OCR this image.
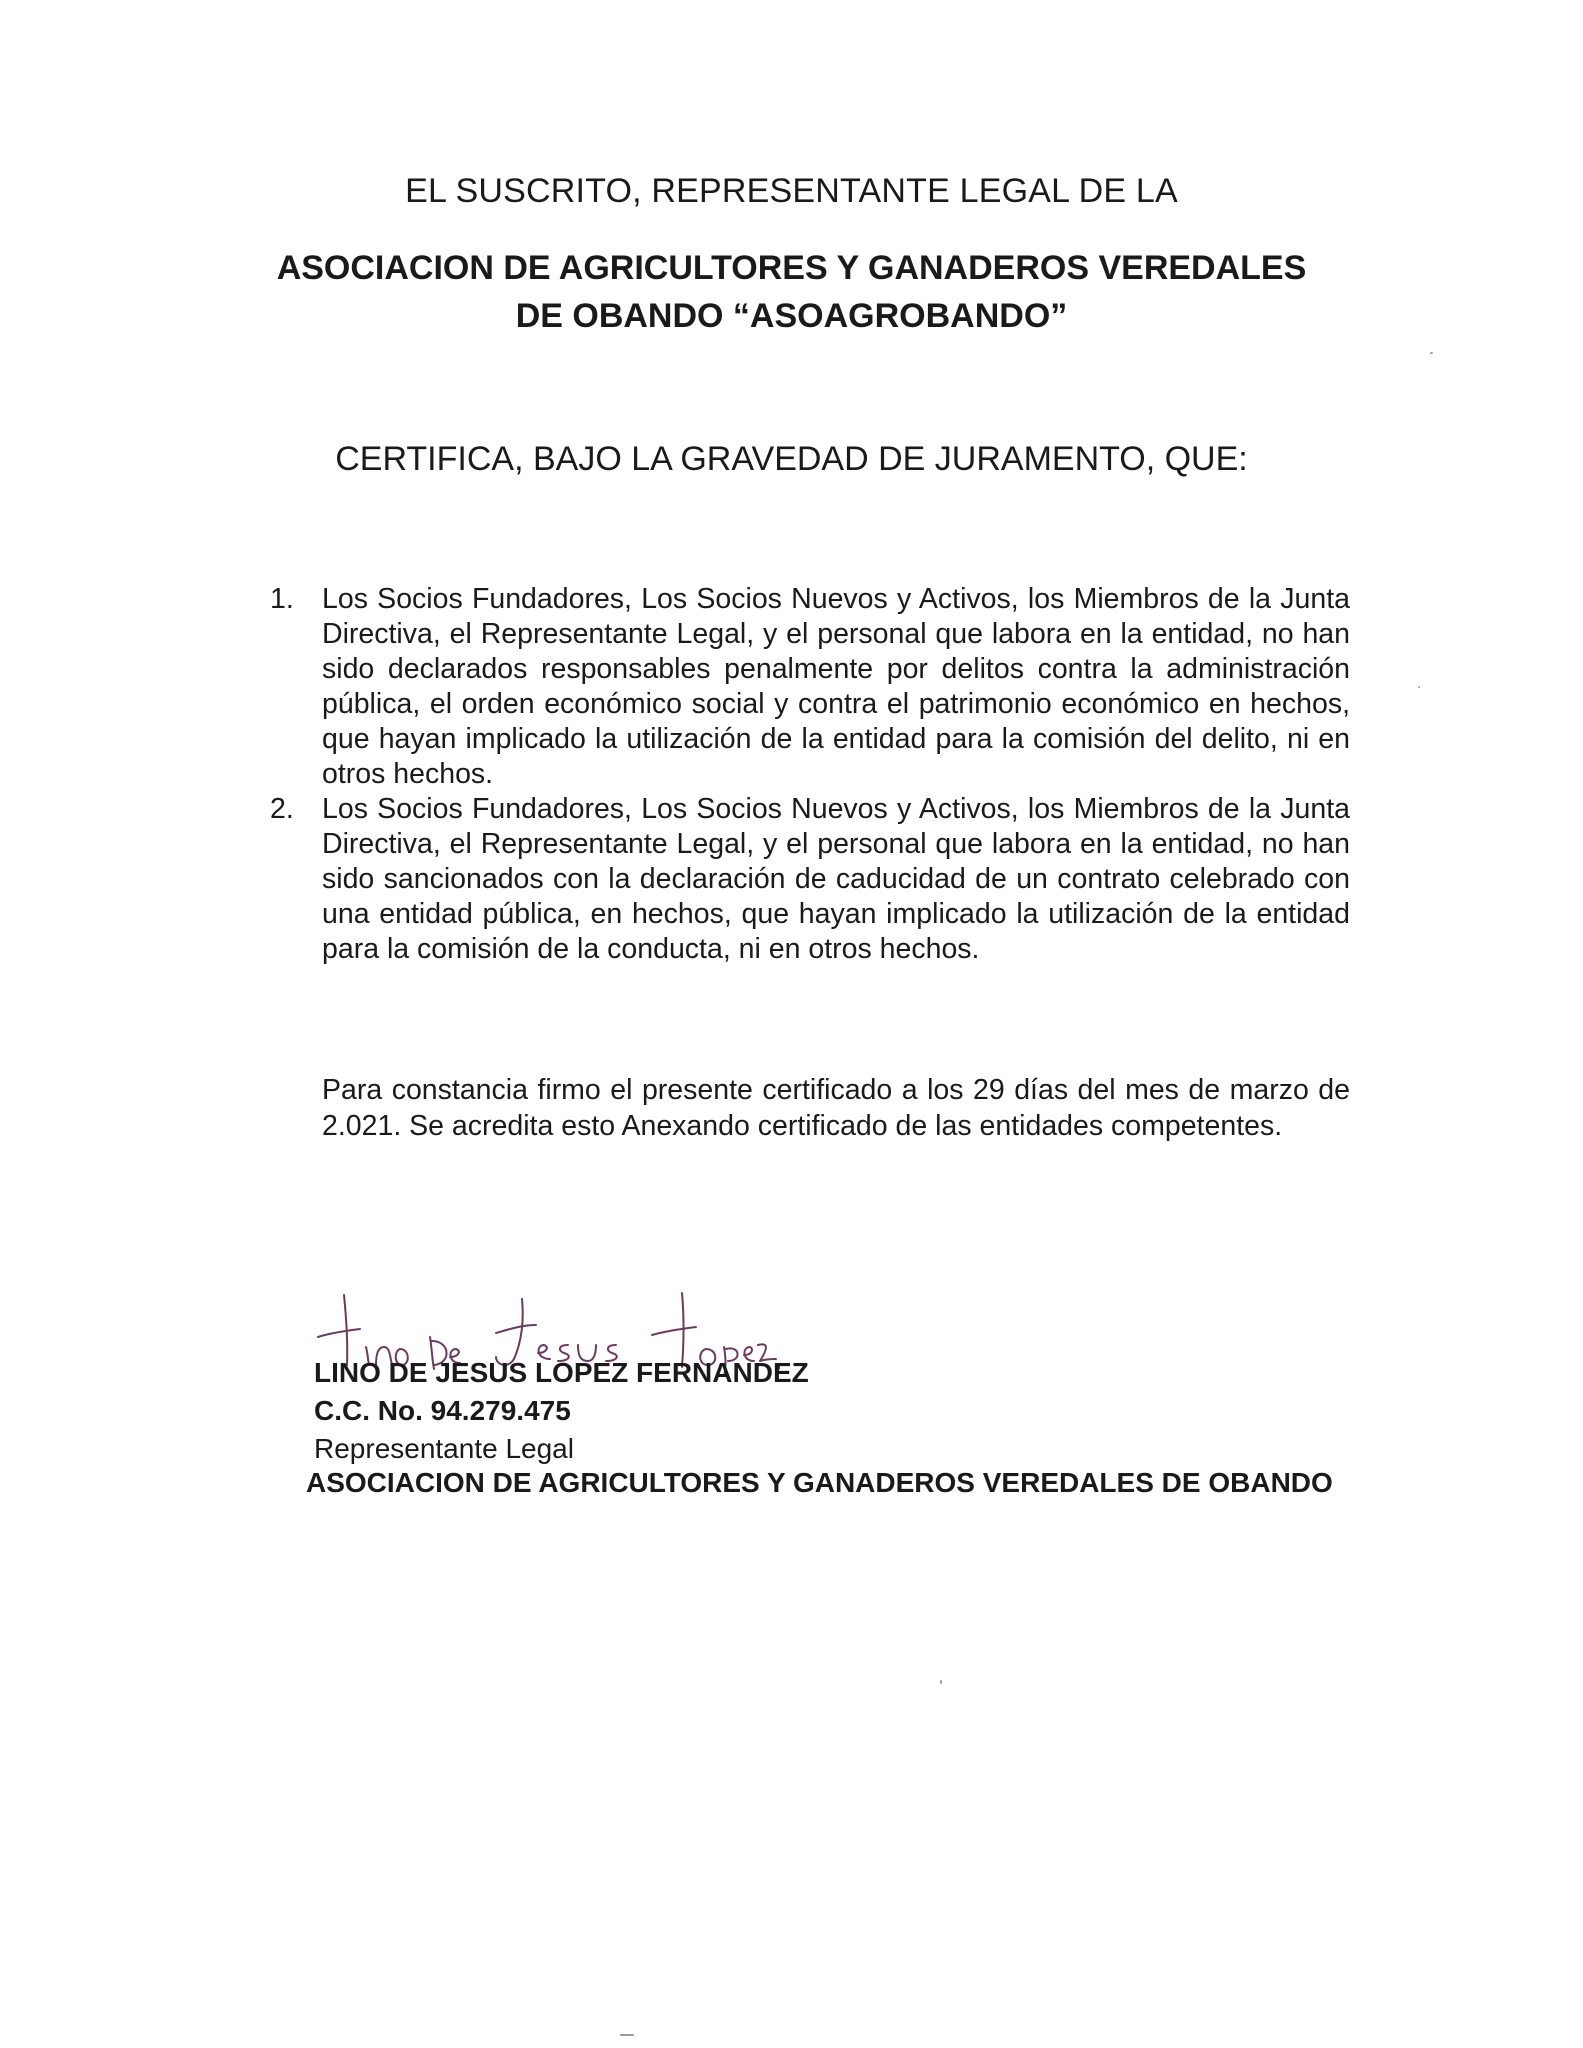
EL SUSCRITO, REPRESENTANTE LEGAL DE LA
ASOCIACION DE AGRICULTORES Y GANADEROS VEREDALES
DE OBANDO “ASOAGROBANDO”
CERTIFICA, BAJO LA GRAVEDAD DE JURAMENTO, QUE:
1. Los Socios Fundadores, Los Socios Nuevos y Activos, los Miembros de la Junta Directiva, el Representante Legal, y el personal que labora en la entidad, no han sido declarados responsables penalmente por delitos contra la administración pública, el orden económico social y contra el patrimonio económico en hechos, que hayan implicado la utilización de la entidad para la comisión del delito, ni en otros hechos.
2. Los Socios Fundadores, Los Socios Nuevos y Activos, los Miembros de la Junta Directiva, el Representante Legal, y el personal que labora en la entidad, no han sido sancionados con la declaración de caducidad de un contrato celebrado con una entidad pública, en hechos, que hayan implicado la utilización de la entidad para la comisión de la conducta, ni en otros hechos.
Para constancia firmo el presente certificado a los 29 días del mes de marzo de 2.021. Se acredita esto Anexando certificado de las entidades competentes.
LINO DE JESUS LOPEZ FERNANDEZ
C.C. No. 94.279.475
Representante Legal
ASOCIACION DE AGRICULTORES Y GANADEROS VEREDALES DE OBANDO
